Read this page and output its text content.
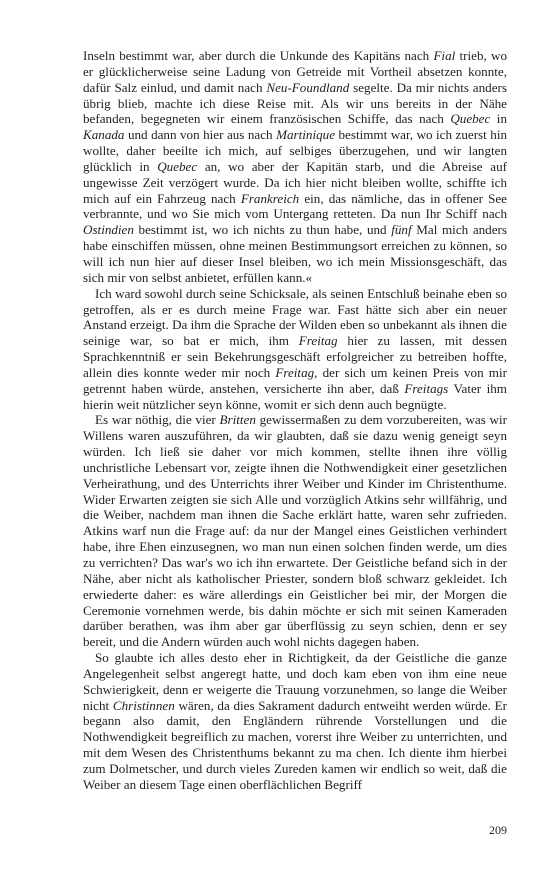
Inseln bestimmt war, aber durch die Unkunde des Kapitäns nach Fial trieb, wo er glücklicherweise seine Ladung von Getreide mit Vortheil absetzen konnte, dafür Salz einlud, und damit nach Neu-Foundland segelte. Da mir nichts anders übrig blieb, machte ich diese Reise mit. Als wir uns bereits in der Nähe befanden, begegneten wir einem französischen Schiffe, das nach Quebec in Kanada und dann von hier aus nach Martinique bestimmt war, wo ich zuerst hin wollte, daher beeilte ich mich, auf selbiges überzugehen, und wir langten glücklich in Quebec an, wo aber der Kapitän starb, und die Abreise auf ungewisse Zeit verzögert wurde. Da ich hier nicht bleiben wollte, schiffte ich mich auf ein Fahrzeug nach Frankreich ein, das nämliche, das in offener See verbrannte, und wo Sie mich vom Untergang retteten. Da nun Ihr Schiff nach Ostindien bestimmt ist, wo ich nichts zu thun habe, und fünf Mal mich anders habe einschiffen müssen, ohne meinen Bestimmungsort erreichen zu können, so will ich nun hier auf dieser Insel bleiben, wo ich mein Missionsgeschäft, das sich mir von selbst anbietet, erfüllen kann.«

Ich ward sowohl durch seine Schicksale, als seinen Entschluß beinahe eben so getroffen, als er es durch meine Frage war. Fast hätte sich aber ein neuer Anstand erzeigt. Da ihm die Sprache der Wilden eben so unbekannt als ihnen die seinige war, so bat er mich, ihm Freitag hier zu lassen, mit dessen Sprachkenntniß er sein Bekehrungsgeschäft erfolgreicher zu betreiben hoffte, allein dies konnte weder mir noch Freitag, der sich um keinen Preis von mir getrennt haben würde, anstehen, versicherte ihn aber, daß Freitags Vater ihm hierin weit nützlicher seyn könne, womit er sich denn auch begnügte.

Es war nöthig, die vier Britten gewissermaßen zu dem vorzubereiten, was wir Willens waren auszuführen, da wir glaubten, daß sie dazu wenig geneigt seyn würden. Ich ließ sie daher vor mich kommen, stellte ihnen ihre völlig unchristliche Lebensart vor, zeigte ihnen die Nothwendigkeit einer gesetzlichen Verheirathung, und des Unterrichts ihrer Weiber und Kinder im Christenthume. Wider Erwarten zeigten sie sich Alle und vorzüglich Atkins sehr willfährig, und die Weiber, nachdem man ihnen die Sache erklärt hatte, waren sehr zufrieden. Atkins warf nun die Frage auf: da nur der Mangel eines Geistlichen verhindert habe, ihre Ehen einzusegnen, wo man nun einen solchen finden werde, um dies zu verrichten? Das war's wo ich ihn erwartete. Der Geistliche befand sich in der Nähe, aber nicht als katholischer Priester, sondern bloß schwarz gekleidet. Ich erwiederte daher: es wäre allerdings ein Geistlicher bei mir, der Morgen die Ceremonie vornehmen werde, bis dahin möchte er sich mit seinen Kameraden darüber berathen, was ihm aber gar überflüssig zu seyn schien, denn er sey bereit, und die Andern würden auch wohl nichts dagegen haben.

So glaubte ich alles desto eher in Richtigkeit, da der Geistliche die ganze Angelegenheit selbst angeregt hatte, und doch kam eben von ihm eine neue Schwierigkeit, denn er weigerte die Trauung vorzunehmen, so lange die Weiber nicht Christinnen wären, da dies Sakrament dadurch entweiht werden würde. Er begann also damit, den Engländern rührende Vorstellungen und die Nothwendigkeit begreiflich zu machen, vorerst ihre Weiber zu unterrichten, und mit dem Wesen des Christenthums bekannt zu ma chen. Ich diente ihm hierbei zum Dolmetscher, und durch vieles Zureden kamen wir endlich so weit, daß die Weiber an diesem Tage einen oberflächlichen Begriff

209
